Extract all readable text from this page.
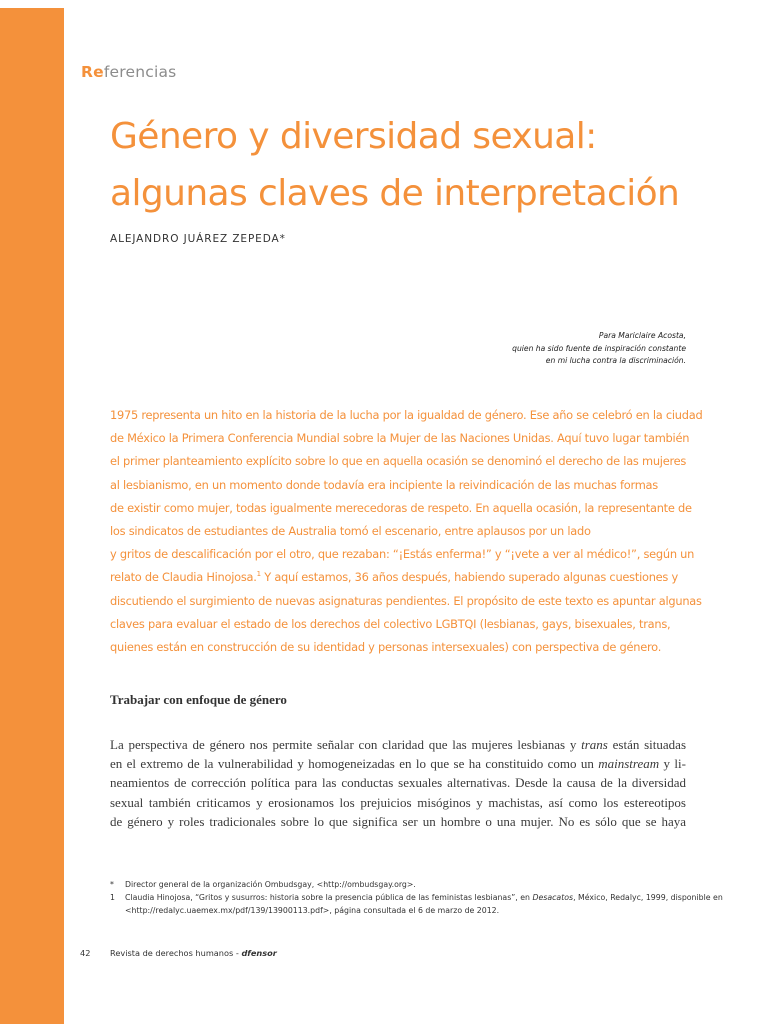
Referencias
Género y diversidad sexual:
algunas claves de interpretación
ALEJANDRO JUÁREZ ZEPEDA*
Para Mariclaire Acosta,
quien ha sido fuente de inspiración constante
en mi lucha contra la discriminación.
1975 representa un hito en la historia de la lucha por la igualdad de género. Ese año se celebró en la ciudad
de México la Primera Conferencia Mundial sobre la Mujer de las Naciones Unidas. Aquí tuvo lugar también
el primer planteamiento explícito sobre lo que en aquella ocasión se denominó el derecho de las mujeres
al lesbianismo, en un momento donde todavía era incipiente la reivindicación de las muchas formas
de existir como mujer, todas igualmente merecedoras de respeto. En aquella ocasión, la representante de
los sindicatos de estudiantes de Australia tomó el escenario, entre aplausos por un lado
y gritos de descalificación por el otro, que rezaban: “¡Estás enferma!” y “¡vete a ver al médico!”, según un
relato de Claudia Hinojosa.$^1$ Y aquí estamos, 36 años después, habiendo superado algunas cuestiones y
discutiendo el surgimiento de nuevas asignaturas pendientes. El propósito de este texto es apuntar algunas
claves para evaluar el estado de los derechos del colectivo LGBTQI (lesbianas, gays, bisexuales, trans,
quienes están en construcción de su identidad y personas intersexuales) con perspectiva de género.
Trabajar con enfoque de género
La perspectiva de género nos permite señalar con claridad que las mujeres lesbianas y trans están situadas
en el extremo de la vulnerabilidad y homogeneizadas en lo que se ha constituido como un mainstream y li-
neamientos de corrección política para las conductas sexuales alternativas. Desde la causa de la diversidad
sexual también criticamos y erosionamos los prejuicios misóginos y machistas, así como los estereotipos
de género y roles tradicionales sobre lo que significa ser un hombre o una mujer. No es sólo que se haya
* Director general de la organización Ombudsgay, <http://ombudsgay.org>.
1 Claudia Hinojosa, “Gritos y susurros: historia sobre la presencia pública de las feministas lesbianas”, en Desacatos, México, Redalyc, 1999, disponible en
<http://redalyc.uaemex.mx/pdf/139/13900113.pdf>, página consultada el 6 de marzo de 2012.
42 Revista de derechos humanos - dfensor
